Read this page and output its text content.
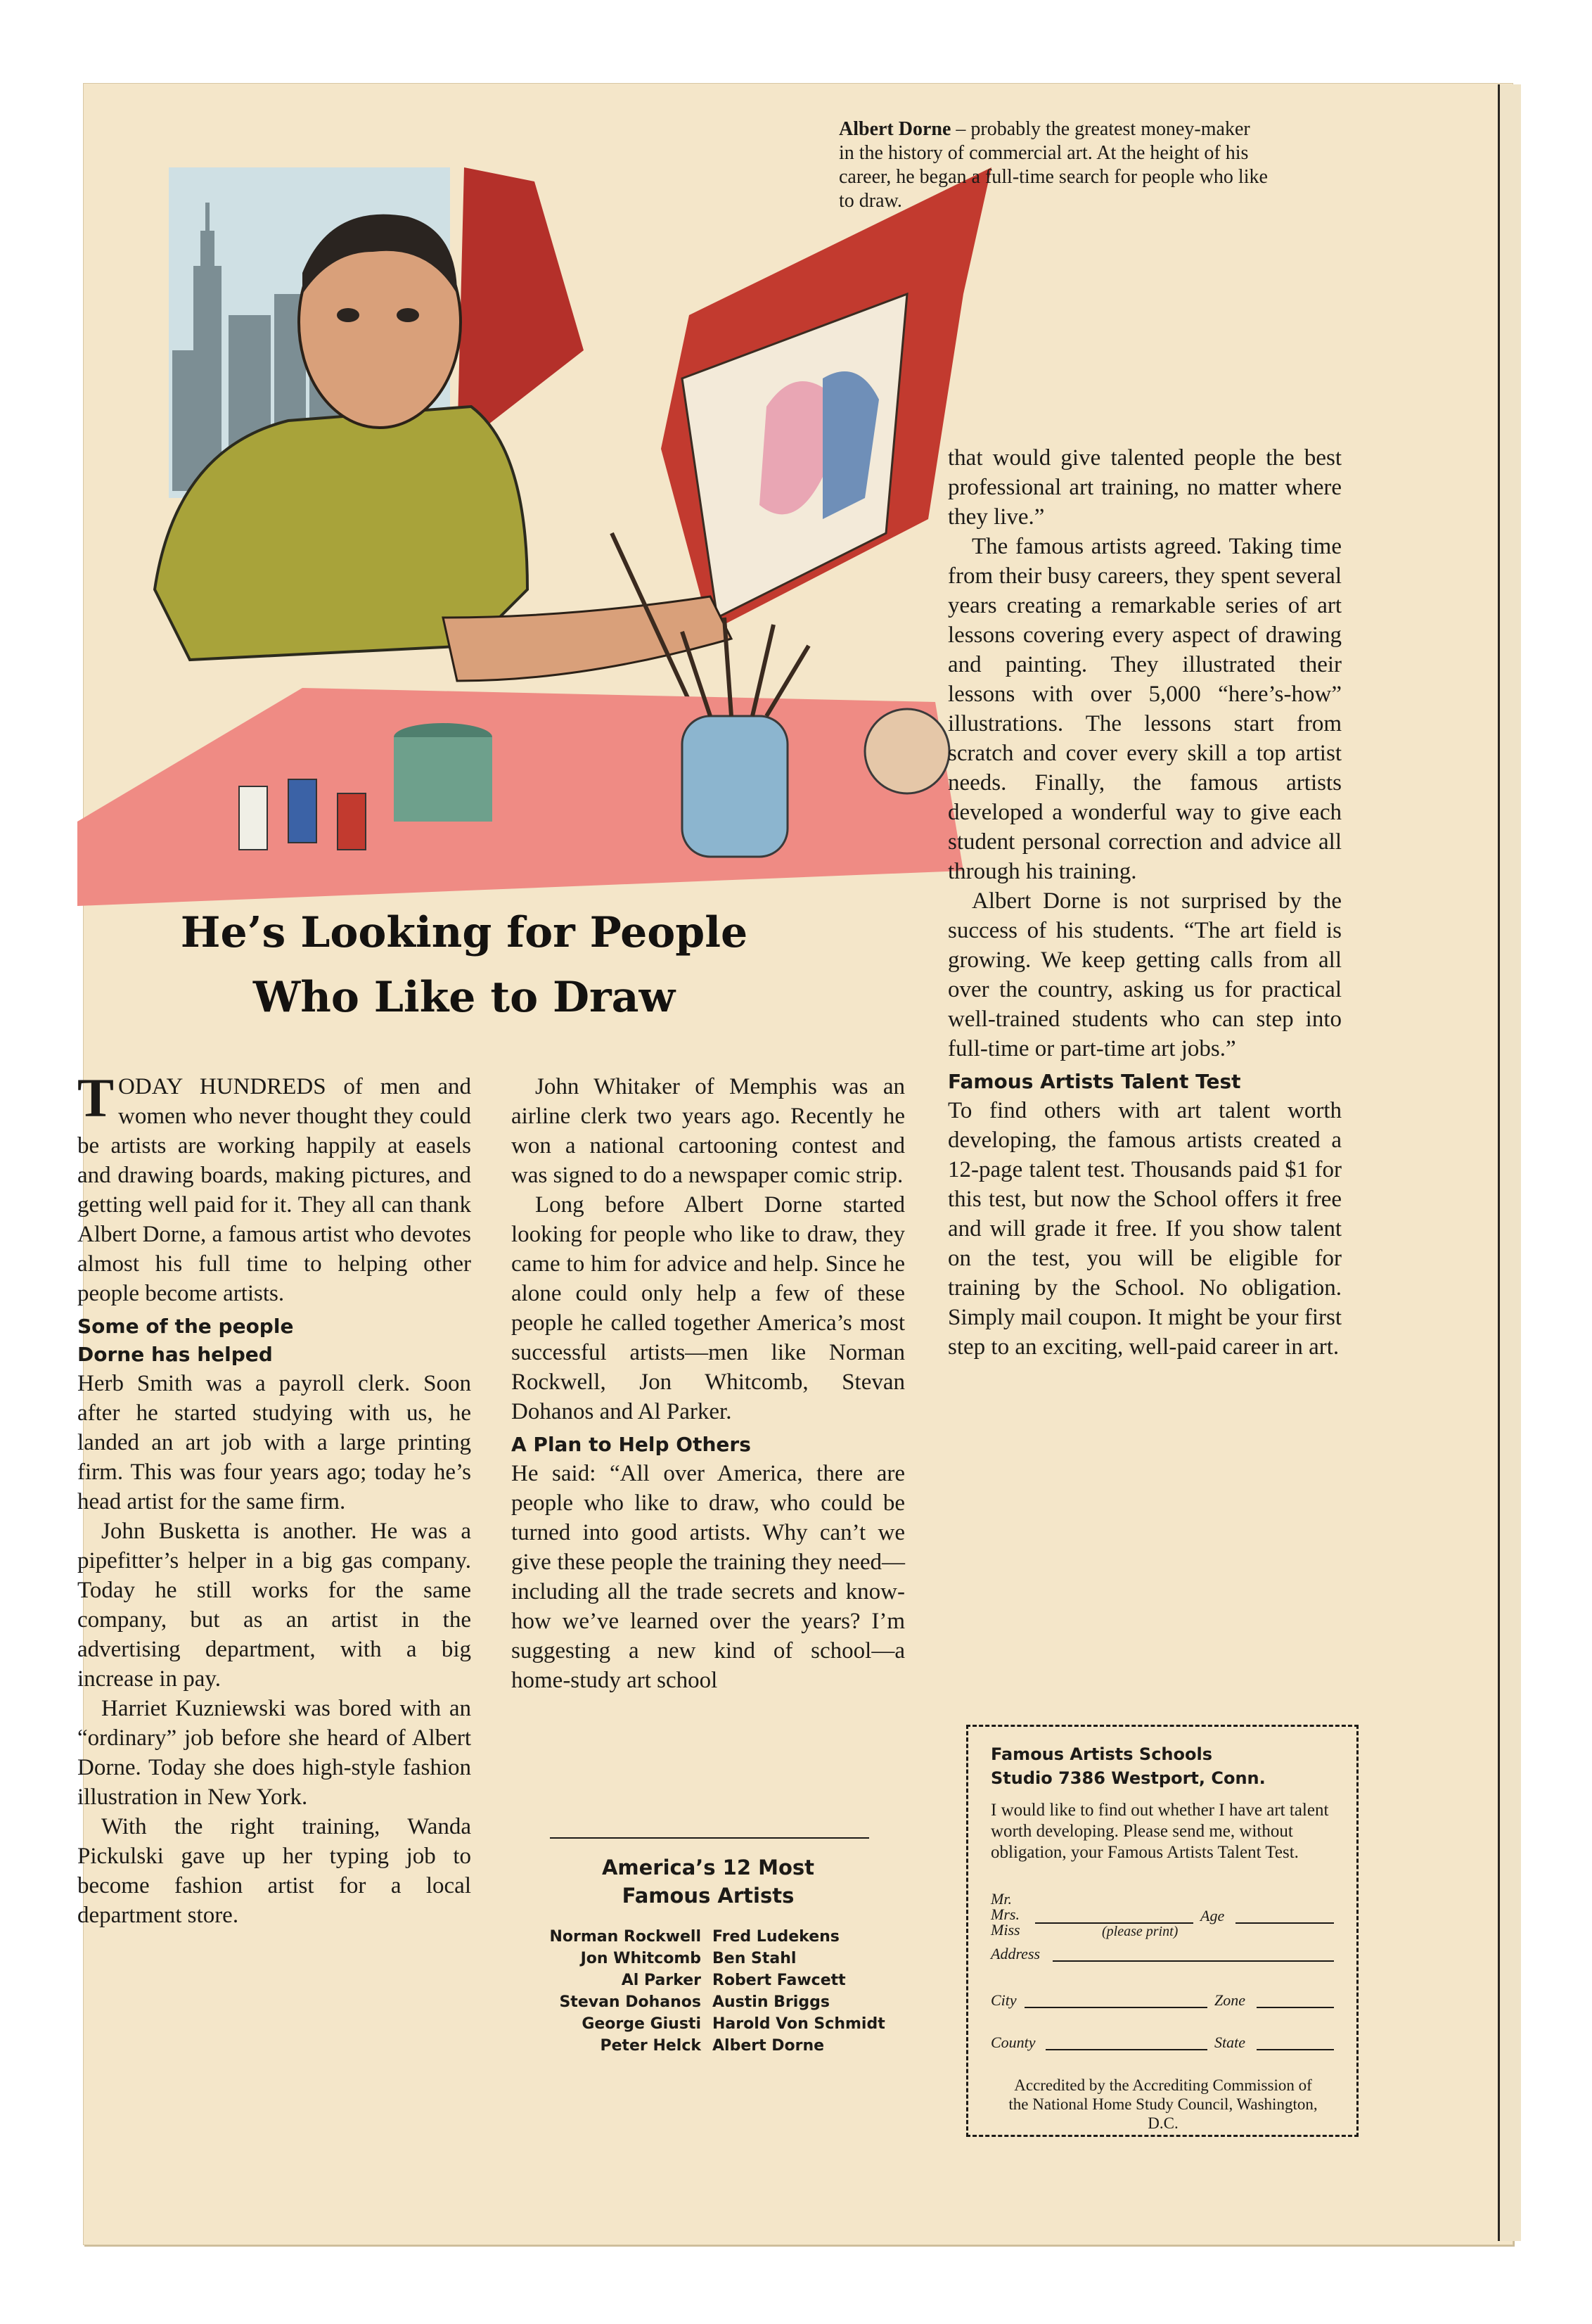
Albert Dorne – probably the greatest money-maker in the history of commercial art. At the height of his career, he began a full-time search for people who like to draw.
He’s Looking for People
Who Like to Draw

TODAY HUNDREDS of men and women who never thought they could be artists are working happily at easels and drawing boards, making pictures, and getting well paid for it. They all can thank Albert Dorne, a famous artist who devotes almost his full time to helping other people become artists.

Some of the people
Dorne has helped

Herb Smith was a payroll clerk. Soon after he started studying with us, he landed an art job with a large printing firm. This was four years ago; today he’s head artist for the same firm.

John Busketta is another. He was a pipefitter’s helper in a big gas company. Today he still works for the same company, but as an artist in the advertising department, with a big increase in pay.

Harriet Kuzniewski was bored with an “ordinary” job before she heard of Albert Dorne. Today she does high-style fashion illustration in New York.

With the right training, Wanda Pickulski gave up her typing job to become fashion artist for a local department store.

John Whitaker of Memphis was an airline clerk two years ago. Recently he won a national cartooning contest and was signed to do a newspaper comic strip.

Long before Albert Dorne started looking for people who like to draw, they came to him for advice and help. Since he alone could only help a few of these people he called together America’s most successful artists—men like Norman Rockwell, Jon Whitcomb, Stevan Dohanos and Al Parker.

A Plan to Help Others

He said: “All over America, there are people who like to draw, who could be turned into good artists. Why can’t we give these people the training they need—including all the trade secrets and know-how we’ve learned over the years? I’m suggesting a new kind of school—a home-study art school

America’s 12 Most
Famous Artists
Norman Rockwell Fred Ludekens
Jon Whitcomb Ben Stahl
Al Parker Robert Fawcett
Stevan Dohanos Austin Briggs
George Giusti Harold Von Schmidt
Peter Helck Albert Dorne

that would give talented people the best professional art training, no matter where they live.”

The famous artists agreed. Taking time from their busy careers, they spent several years creating a remarkable series of art lessons covering every aspect of drawing and painting. They illustrated their lessons with over 5,000 “here’s-how” illustrations. The lessons start from scratch and cover every skill a top artist needs. Finally, the famous artists developed a wonderful way to give each student personal correction and advice all through his training.

Albert Dorne is not surprised by the success of his students. “The art field is growing. We keep getting calls from all over the country, asking us for practical well-trained students who can step into full-time or part-time art jobs.”

Famous Artists Talent Test

To find others with art talent worth developing, the famous artists created a 12-page talent test. Thousands paid $1 for this test, but now the School offers it free and will grade it free. If you show talent on the test, you will be eligible for training by the School. No obligation. Simply mail coupon. It might be your first step to an exciting, well-paid career in art.

Famous Artists Schools
Studio 7386 Westport, Conn.
I would like to find out whether I have art talent worth developing. Please send me, without obligation, your Famous Artists Talent Test.
Mr.
Mrs.
Miss
Age
(please print)
Address
City	Zone
County	State
Accredited by the Accrediting Commission of the National Home Study Council, Washington, D.C.
